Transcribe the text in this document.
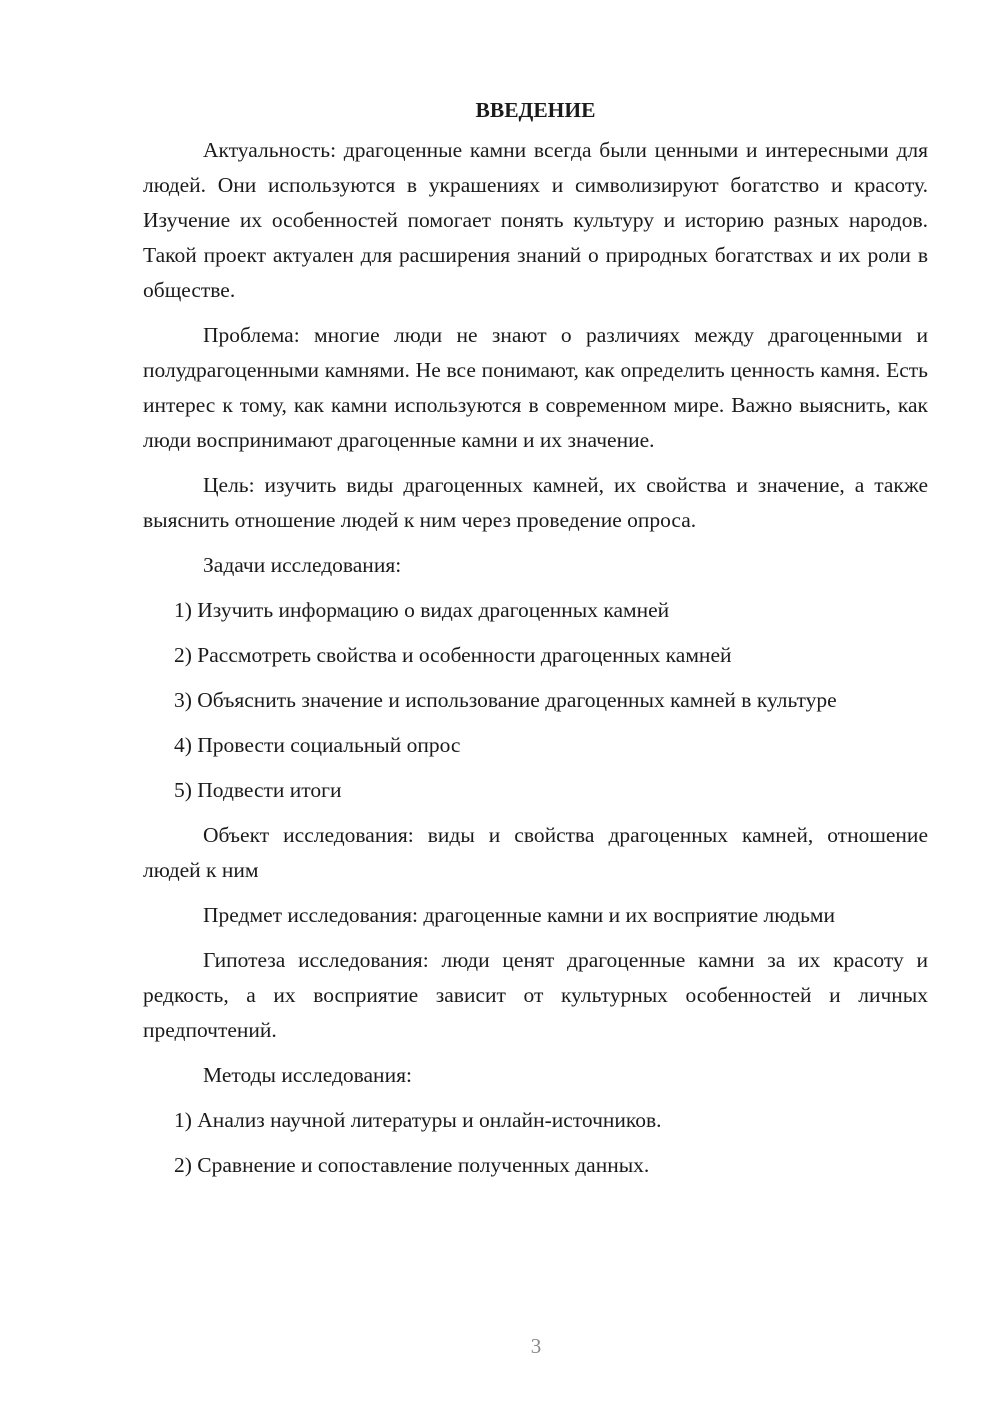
ВВЕДЕНИЕ

Актуальность: драгоценные камни всегда были ценными и интересными для людей. Они используются в украшениях и символизируют богатство и красоту. Изучение их особенностей помогает понять культуру и историю разных народов. Такой проект актуален для расширения знаний о природных богатствах и их роли в обществе.

Проблема: многие люди не знают о различиях между драгоценными и полудрагоценными камнями. Не все понимают, как определить ценность камня. Есть интерес к тому, как камни используются в современном мире. Важно выяснить, как люди воспринимают драгоценные камни и их значение.

Цель: изучить виды драгоценных камней, их свойства и значение, а также выяснить отношение людей к ним через проведение опроса.

Задачи исследования:

1) Изучить информацию о видах драгоценных камней

2) Рассмотреть свойства и особенности драгоценных камней

3) Объяснить значение и использование драгоценных камней в культуре

4) Провести социальный опрос

5) Подвести итоги

Объект исследования: виды и свойства драгоценных камней, отношение людей к ним

Предмет исследования: драгоценные камни и их восприятие людьми

Гипотеза исследования: люди ценят драгоценные камни за их красоту и редкость, а их восприятие зависит от культурных особенностей и личных предпочтений.

Методы исследования:

1) Анализ научной литературы и онлайн-источников.

2) Сравнение и сопоставление полученных данных.

3
